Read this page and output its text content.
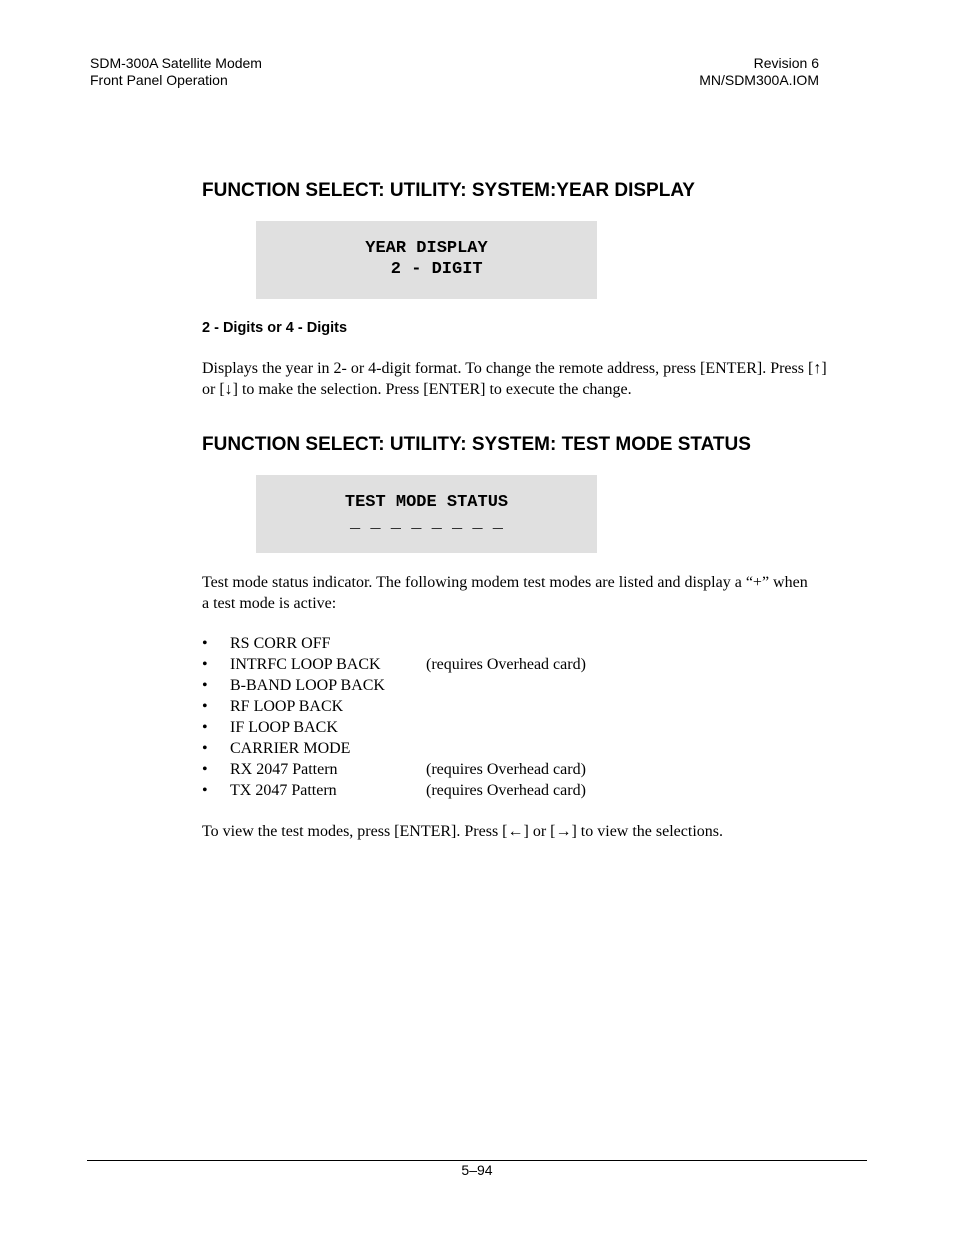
SDM-300A Satellite Modem
Front Panel Operation
Revision 6
MN/SDM300A.IOM
FUNCTION SELECT: UTILITY: SYSTEM:YEAR DISPLAY
YEAR DISPLAY
2 - DIGIT
2 - Digits or 4 - Digits
Displays the year in 2- or 4-digit format. To change the remote address, press [ENTER]. Press [↑]
or [↓] to make the selection. Press [ENTER] to execute the change.
FUNCTION SELECT: UTILITY: SYSTEM: TEST MODE STATUS
TEST MODE STATUS
_ _ _ _ _ _ _ _
Test mode status indicator. The following modem test modes are listed and display a “+” when
a test mode is active:
• RS CORR OFF
• INTRFC LOOP BACK	(requires Overhead card)
• B-BAND LOOP BACK
• RF LOOP BACK
• IF LOOP BACK
• CARRIER MODE
• RX 2047 Pattern	(requires Overhead card)
• TX 2047 Pattern	(requires Overhead card)
To view the test modes, press [ENTER]. Press [←] or [→] to view the selections.
5–94
